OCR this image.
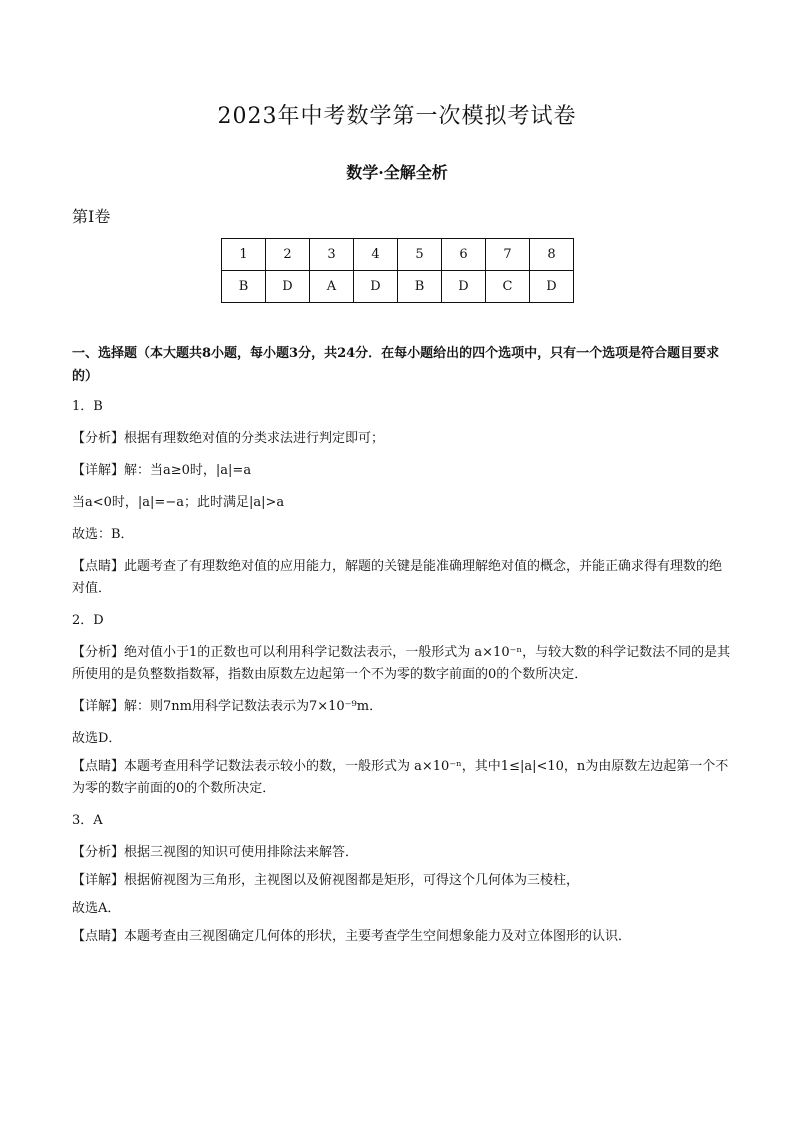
2023年中考数学第一次模拟考试卷
数学·全解全析
第Ⅰ卷
1	2	3	4	5	6	7	8
B	D	A	D	B	D	C	D
一、选择题（本大题共8小题，每小题3分，共24分．在每小题给出的四个选项中，只有一个选项是符合题目要求的）
1．B
【分析】根据有理数绝对值的分类求法进行判定即可；
【详解】解：当a≥0时，|a|=a
当a<0时，|a|=−a；此时满足|a|>a
故选：B．
【点睛】此题考查了有理数绝对值的应用能力，解题的关键是能准确理解绝对值的概念，并能正确求得有理数的绝对值．
2．D
【分析】绝对值小于1的正数也可以利用科学记数法表示，一般形式为 a×10⁻ⁿ，与较大数的科学记数法不同的是其所使用的是负整数指数幂，指数由原数左边起第一个不为零的数字前面的0的个数所决定．
【详解】解：则7nm用科学记数法表示为7×10⁻⁹m．
故选D．
【点睛】本题考查用科学记数法表示较小的数，一般形式为 a×10⁻ⁿ，其中1≤|a|<10，n为由原数左边起第一个不为零的数字前面的0的个数所决定．
3．A
【分析】根据三视图的知识可使用排除法来解答．
【详解】根据俯视图为三角形，主视图以及俯视图都是矩形，可得这个几何体为三棱柱，
故选A．
【点睛】本题考查由三视图确定几何体的形状，主要考查学生空间想象能力及对立体图形的认识．
